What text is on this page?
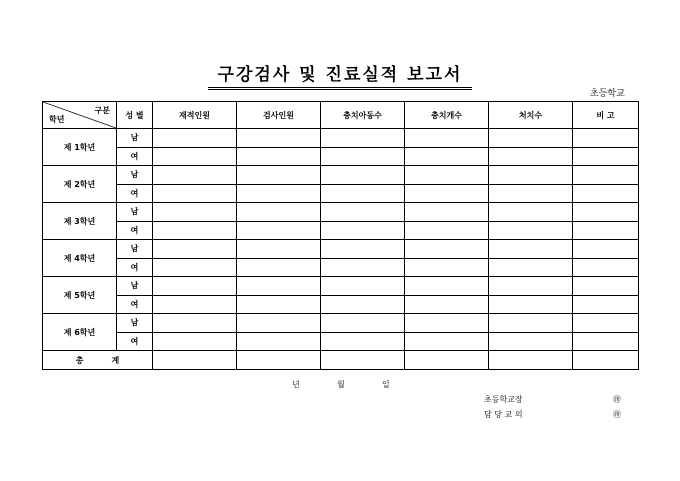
구강검사 및 진료실적 보고서
초등학교
구분
학년	성 별	재적인원	검사인원	충치아동수	충치개수	처치수	비 고
제 1학년	남						
	여						
제 2학년	남						
	여						
제 3학년	남						
	여						
제 4학년	남						
	여						
제 5학년	남						
	여						
제 6학년	남						
	여						
총 계							
년	월	일
초등학교장	㊞
담 당 교 의	㊞
